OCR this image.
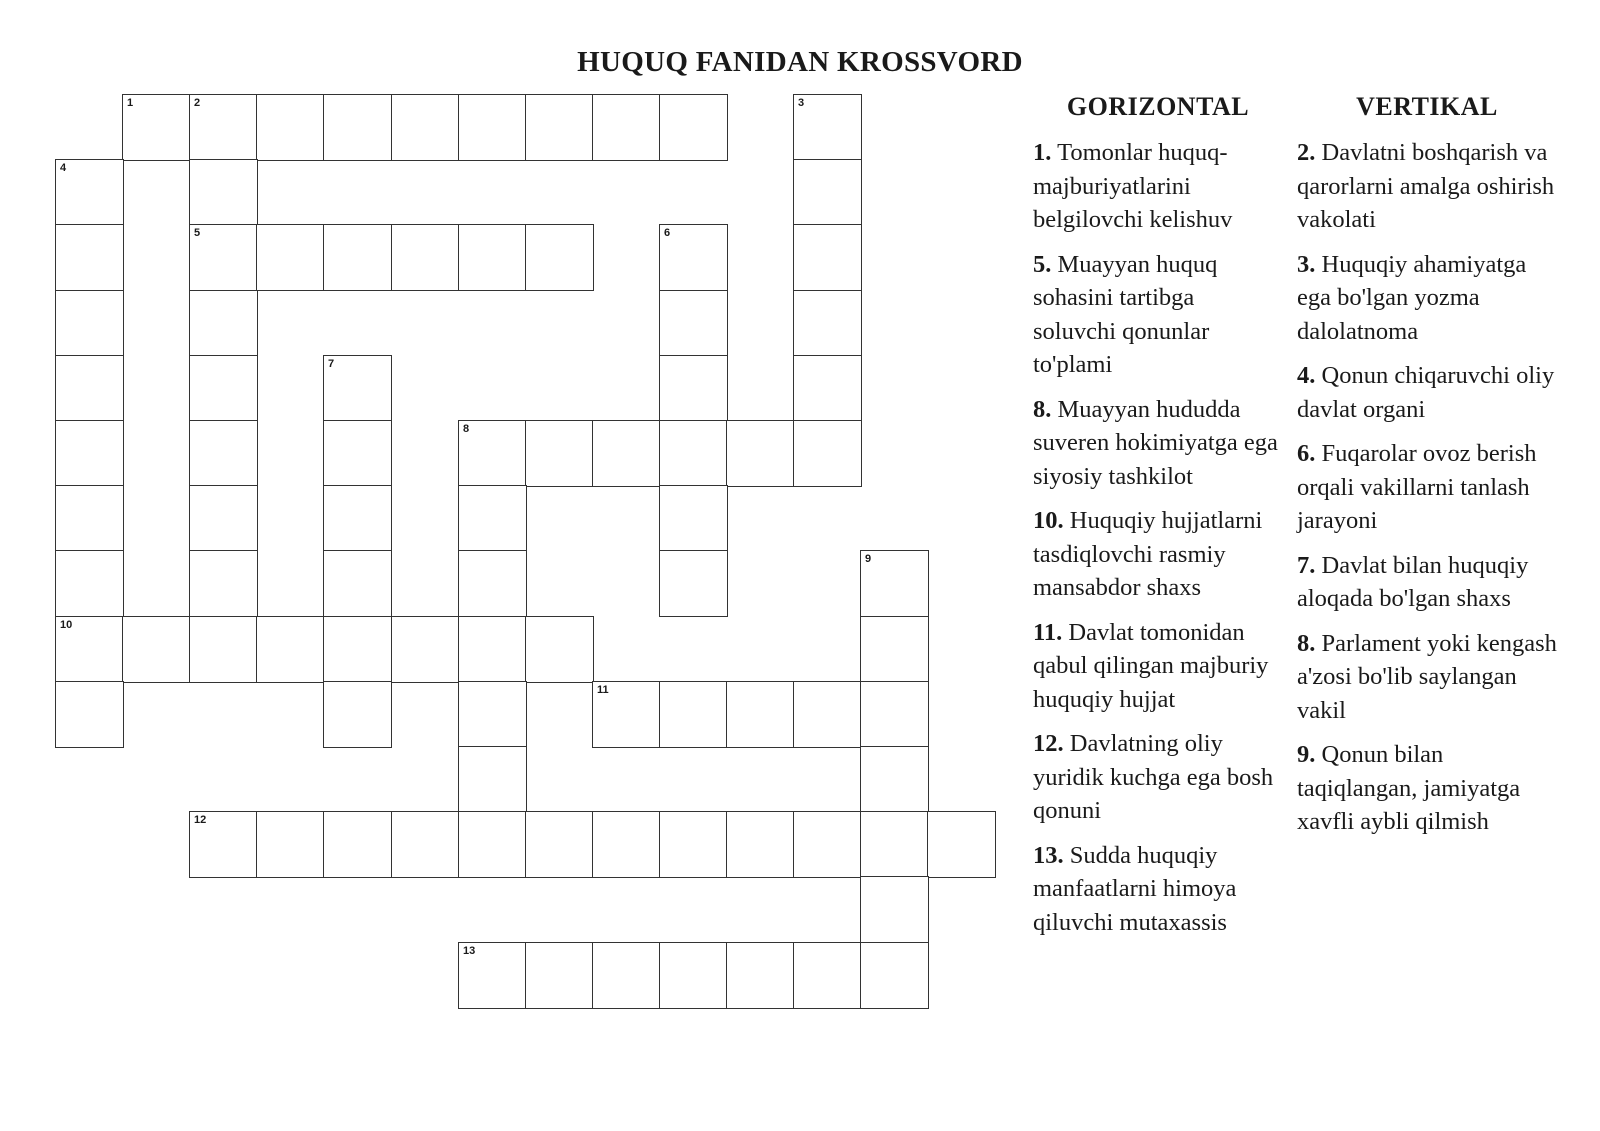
HUQUQ FANIDAN KROSSVORD
1	2	3
4
5	6
7
8
9
10
11
12
13
GORIZONTAL

1. Tomonlar huquq-majburiyatlarini belgilovchi kelishuv

5. Muayyan huquq sohasini tartibga soluvchi qonunlar to'plami

8. Muayyan hududda suveren hokimiyatga ega siyosiy tashkilot

10. Huquqiy hujjatlarni tasdiqlovchi rasmiy mansabdor shaxs

11. Davlat tomonidan qabul qilingan majburiy huquqiy hujjat

12. Davlatning oliy yuridik kuchga ega bosh qonuni

13. Sudda huquqiy manfaatlarni himoya qiluvchi mutaxassis

VERTIKAL

2. Davlatni boshqarish va qarorlarni amalga oshirish vakolati

3. Huquqiy ahamiyatga ega bo'lgan yozma dalolatnoma

4. Qonun chiqaruvchi oliy davlat organi

6. Fuqarolar ovoz berish orqali vakillarni tanlash jarayoni

7. Davlat bilan huquqiy aloqada bo'lgan shaxs

8. Parlament yoki kengash a'zosi bo'lib saylangan vakil

9. Qonun bilan taqiqlangan, jamiyatga xavfli aybli qilmish
